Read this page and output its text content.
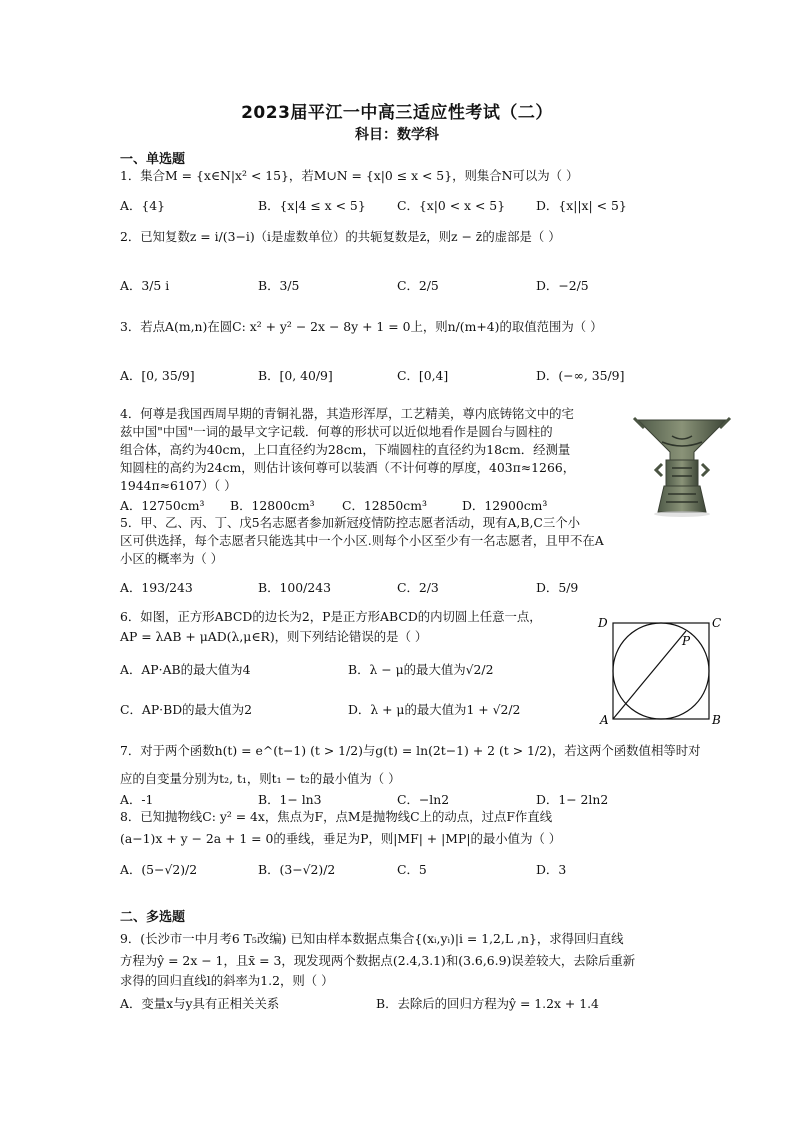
2023届平江一中高三适应性考试（二）
科目：数学科
一、单选题
1．集合M = {x∈N|x² < 15}，若M∪N = {x|0 ≤ x < 5}，则集合N可以为（ ）
A．{4}	B．{x|4 ≤ x < 5}	C．{x|0 < x < 5} D．{x||x| < 5}
2．已知复数z = i/(3−i)（i是虚数单位）的共轭复数是z̄，则z − z̄的虚部是（ ）
A．3/5 i	B．3/5	C．2/5	D．−2/5
3．若点A(m,n)在圆C: x² + y² − 2x − 8y + 1 = 0上，则n/(m+4)的取值范围为（ ）
A．[0, 35/9]	B．[0, 40/9]	C．[0,4]	D．(−∞, 35/9]
4．何尊是我国西周早期的青铜礼器，其造形浑厚，工艺精美，尊内底铸铭文中的宅
兹中国"中国"一词的最早文字记载．何尊的形状可以近似地看作是圆台与圆柱的
组合体，高约为40cm，上口直径约为28cm，下端圆柱的直径约为18cm．经测量
知圆柱的高约为24cm，则估计该何尊可以装酒（不计何尊的厚度，403π≈1266，
1944π≈6107）（ ）
A．12750cm³ B．12800cm³ C．12850cm³	D．12900cm³
5．甲、乙、丙、丁、戊5名志愿者参加新冠疫情防控志愿者活动，现有A,B,C三个小
区可供选择，每个志愿者只能选其中一个小区.则每个小区至少有一名志愿者，且甲不在A
小区的概率为（ ）
A．193/243	B．100/243	C．2/3	D．5/9
6．如图，正方形ABCD的边长为2，P是正方形ABCD的内切圆上任意一点，
AP = λAB + μAD(λ,μ∈R)，则下列结论错误的是（ ）
A．AP·AB的最大值为4	B．λ − μ的最大值为√2/2
C．AP·BD的最大值为2	D．λ + μ的最大值为1 + √2/2
A	B
C
D
P
7．对于两个函数h(t) = e^(t−1) (t > 1/2)与g(t) = ln(2t−1) + 2 (t > 1/2)，若这两个函数值相等时对
应的自变量分别为t₂, t₁，则t₁ − t₂的最小值为（ ）
A．-1	B．1− ln3	C．−ln2	D．1− 2ln2
8．已知抛物线C: y² = 4x，焦点为F，点M是抛物线C上的动点，过点F作直线
(a−1)x + y − 2a + 1 = 0的垂线，垂足为P，则|MF| + |MP|的最小值为（ ）
A．(5−√2)/2	B．(3−√2)/2	C．5	D．3
二、多选题
9．(长沙市一中月考6 T₅改编) 已知由样本数据点集合{(xᵢ,yᵢ)|i = 1,2,L ,n}，求得回归直线
方程为ŷ = 2x − 1，且x̄ = 3，现发现两个数据点(2.4,3.1)和(3.6,6.9)误差较大，去除后重新
求得的回归直线l的斜率为1.2，则（ ）
A．变量x与y具有正相关关系	B．去除后的回归方程为ŷ = 1.2x + 1.4
